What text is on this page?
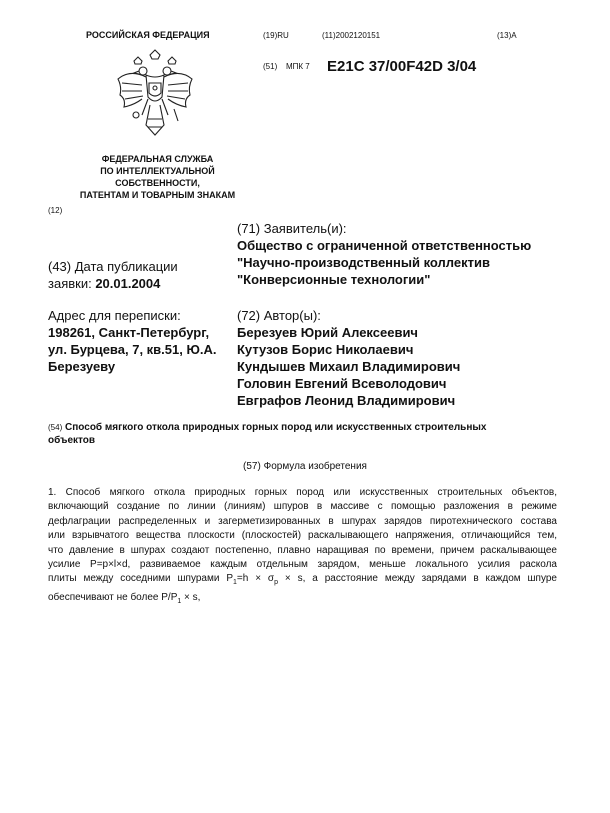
РОССИЙСКАЯ ФЕДЕРАЦИЯ	(19)RU	(11)2002120151	(13)A
(51) МПК 7 E21C 37/00F42D 3/04
ФЕДЕРАЛЬНАЯ СЛУЖБА
ПО ИНТЕЛЛЕКТУАЛЬНОЙ
СОБСТВЕННОСТИ,
ПАТЕНТАМ И ТОВАРНЫМ ЗНАКАМ
(12)
(71) Заявитель(и):
Общество с ограниченной ответственностью
"Научно-производственный коллектив
"Конверсионные технологии"
(43) Дата публикации
заявки: 20.01.2004
Адрес для переписки:
198261, Санкт-Петербург,
ул. Бурцева, 7, кв.51, Ю.А.
Березуеву
(72) Автор(ы):
Березуев Юрий Алексеевич
Кутузов Борис Николаевич
Кундышев Михаил Владимирович
Головин Евгений Всеволодович
Евграфов Леонид Владимирович
(54) Способ мягкого откола природных горных пород или искусственных строительных
объектов
(57) Формула изобретения
1. Способ мягкого откола природных горных пород или искусственных строительных объектов,
включающий создание по линии (линиям) шпуров в массиве с помощью разложения в режиме
дефлаграции распределенных и загерметизированных в шпурах зарядов пиротехнического состава
или взрывчатого вещества плоскости (плоскостей) раскалывающего напряжения, отличающийся тем,
что давление в шпурах создают постепенно, плавно наращивая по времени, причем раскалывающее
усилие P=p×l×d, развиваемое каждым отдельным зарядом, меньше локального усилия раскола
плиты между соседними шпурами $P_1=h \times \sigma_p \times s$, а расстояние между зарядами в каждом шпуре
обеспечивают не более $P/P_1 \times s$,
